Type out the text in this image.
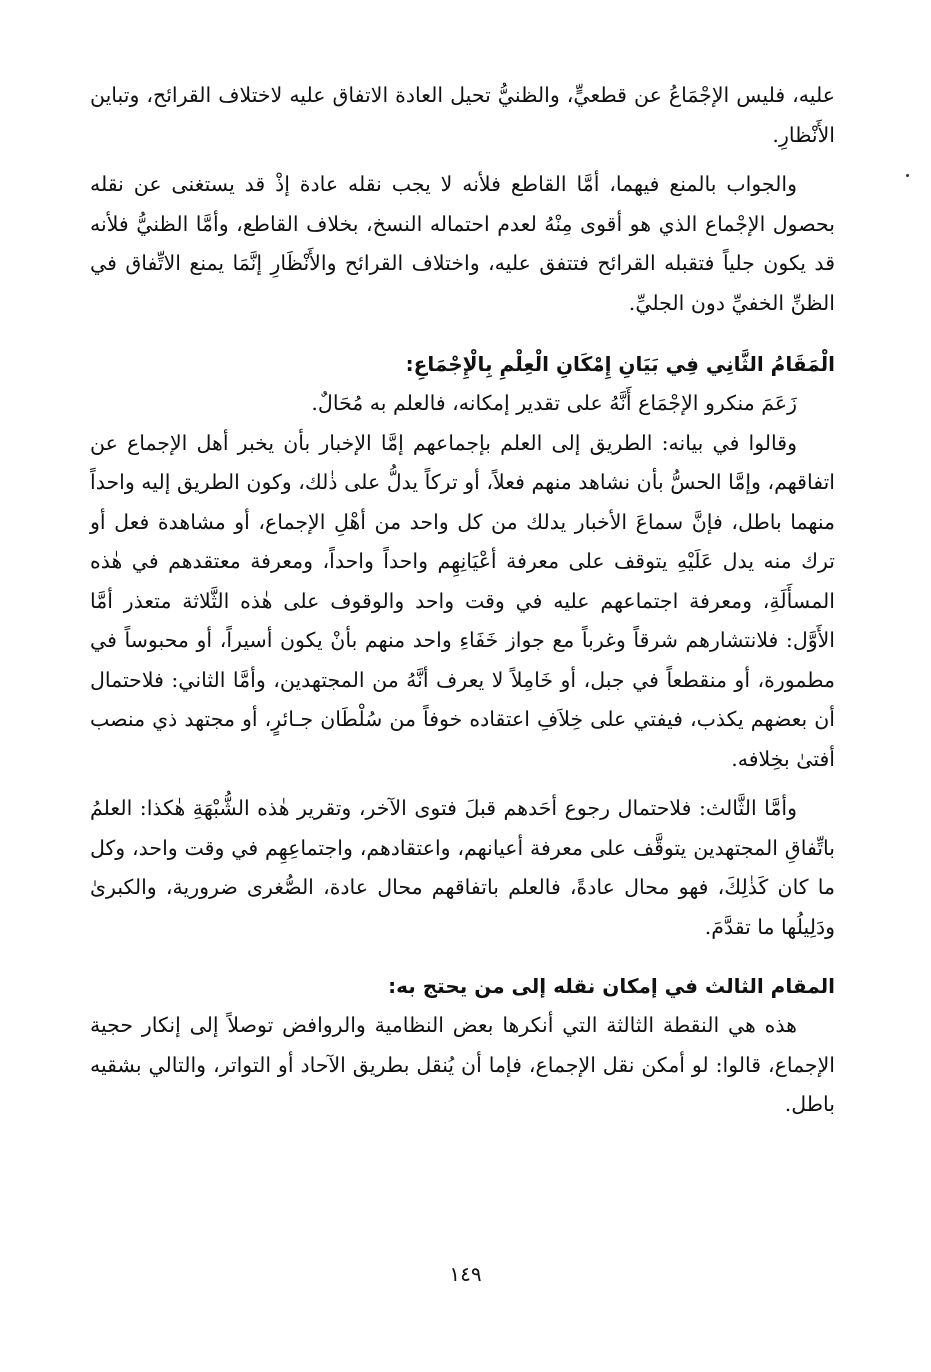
عليه، فليس الإجْمَاعُ عن قطعيٍّ، والظنيُّ تحيل العادة الاتفاق عليه لاختلاف القرائح، وتباين الأَنْظارِ.

والجواب بالمنع فيهما، أمَّا القاطع فلأنه لا يجب نقله عادة إذْ قد يستغنى عن نقله بحصول الإجْماع الذي هو أقوى مِنْهُ لعدم احتماله النسخ، بخلاف القاطع، وأمَّا الظنيُّ فلأنه قد يكون جلياً فتقبله القرائح فتتفق عليه، واختلاف القرائح والأَنْظَارِ إنَّمَا يمنع الاتِّفاق في الظنِّ الخفيِّ دون الجليِّ.

الْمَقَامُ الثَّانِي فِي بَيَانِ إِمْكَانِ الْعِلْمِ بِالْإِجْمَاعِ:

زَعَمَ منكرو الإجْمَاع أَنَّهُ على تقدير إمكانه، فالعلم به مُحَالٌ.

وقالوا في بيانه: الطريق إلى العلم بإجماعهم إمَّا الإخبار بأن يخبر أهل الإجماع عن اتفاقهم، وإمَّا الحسُّ بأن نشاهد منهم فعلاً، أو تركاً يدلُّ على ذٰلك، وكون الطريق إليه واحداً منهما باطل، فإنَّ سماعَ الأخبار يدلك من كل واحد من أهْلِ الإجماع، أو مشاهدة فعل أو ترك منه يدل عَلَيْهِ يتوقف على معرفة أعْيَانِهِم واحداً واحداً، ومعرفة معتقدهم في هٰذه المسأَلَةِ، ومعرفة اجتماعهم عليه في وقت واحد والوقوف على هٰذه الثَّلاثة متعذر أمَّا الأَوَّل: فلانتشارهم شرقاً وغرباً مع جواز خَفَاءِ واحد منهم بأنْ يكون أسيراً، أو محبوساً في مطمورة، أو منقطعاً في جبل، أو خَامِلاً لا يعرف أنَّهُ من المجتهدين، وأمَّا الثاني: فلاحتمال أن بعضهم يكذب، فيفتي على خِلاَفِ اعتقاده خوفاً من سُلْطَان جـائرٍ، أو مجتهد ذي منصب أفتىٰ بخِلافه.

وأمَّا الثَّالث: فلاحتمال رجوع أحَدهم قبلَ فتوى الآخر، وتقرير هٰذه الشُّبْهَةِ هٰكذا: العلمُ باتِّفاقِ المجتهدين يتوقَّف على معرفة أعيانهم، واعتقادهم، واجتماعِهِم في وقت واحد، وكل ما كان كَذٰلِكَ، فهو محال عادةً، فالعلم باتفاقهم محال عادة، الصُّغرى ضرورية، والكبرىٰ ودَلِيلُها ما تقدَّمَ.

المقام الثالث في إمكان نقله إلى من يحتج به:

هذه هي النقطة الثالثة التي أنكرها بعض النظامية والروافض توصلاً إلى إنكار حجية الإجماع، قالوا: لو أمكن نقل الإجماع، فإما أن يُنقل بطريق الآحاد أو التواتر، والتالي بشقيه باطل.

١٤٩
